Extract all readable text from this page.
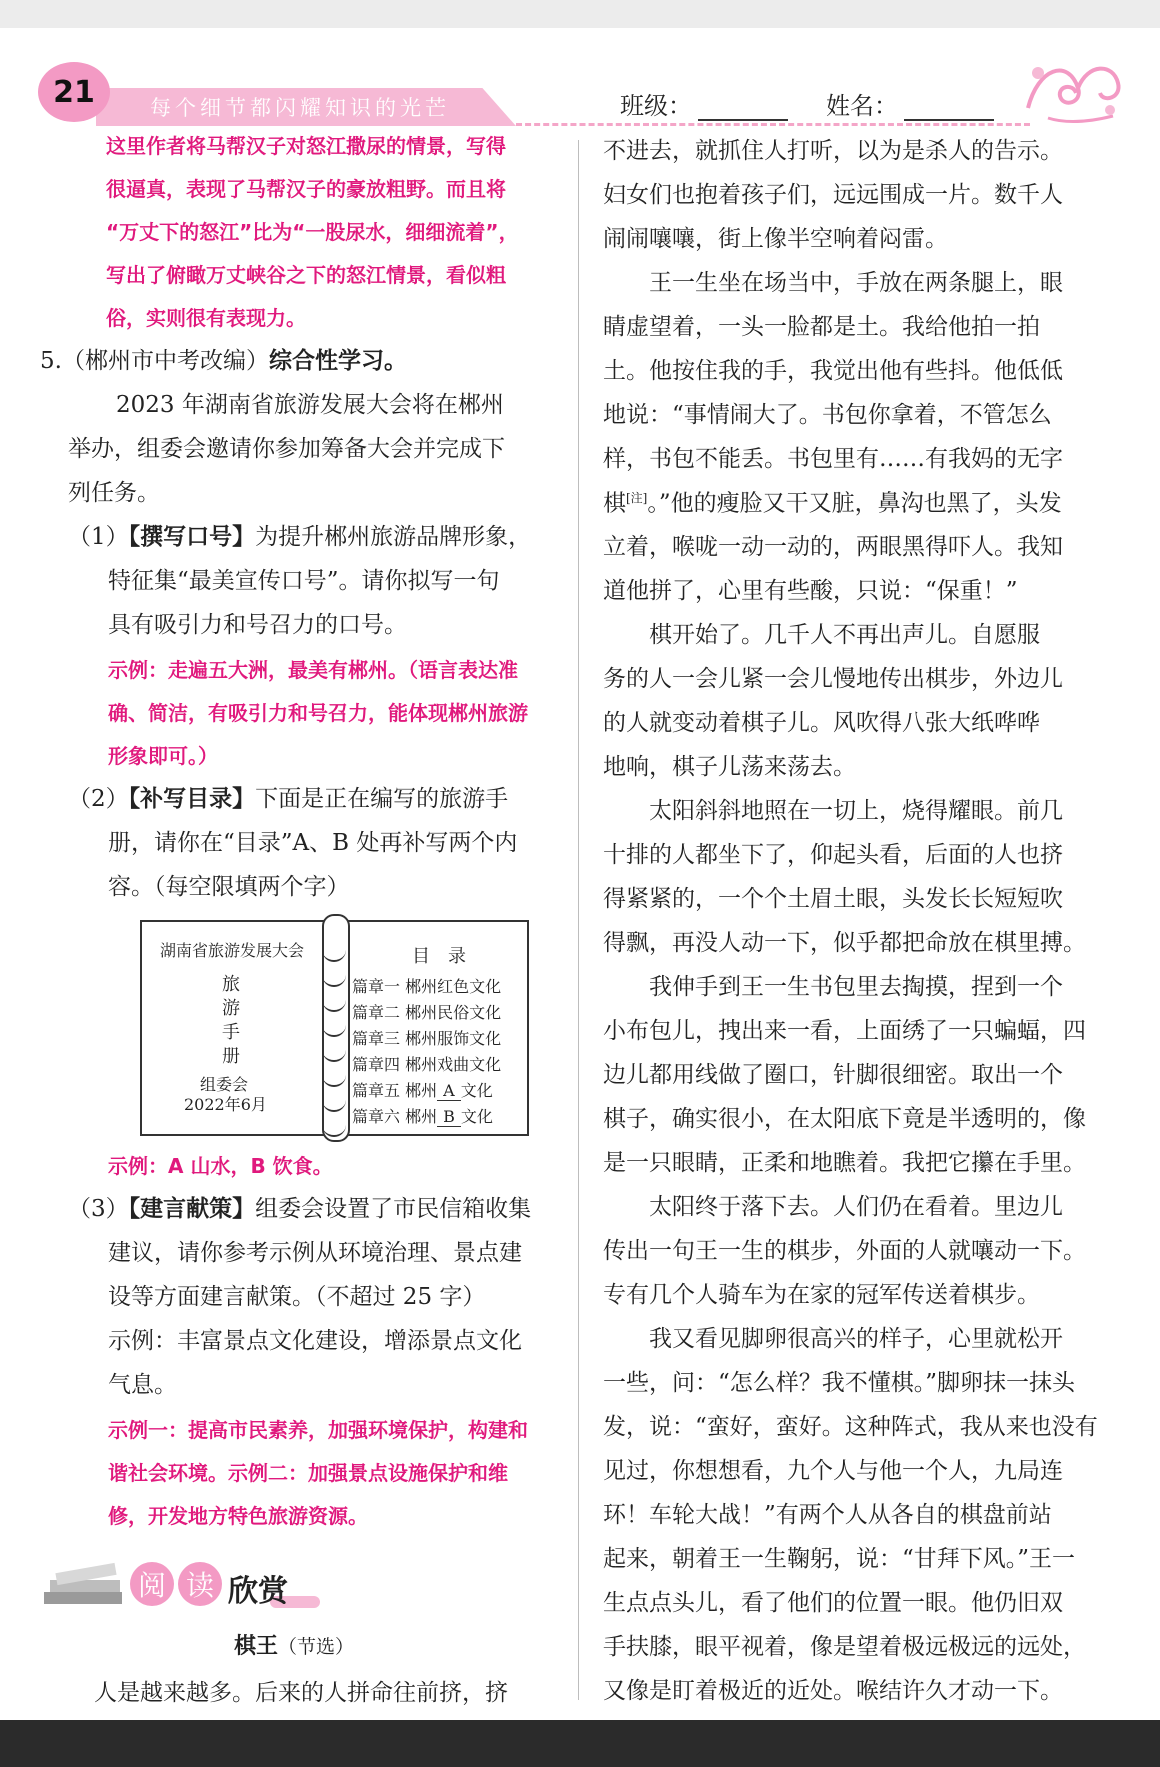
21	每个细节都闪耀知识的光芒	班级：	姓名：
这里作者将马帮汉子对怒江撒尿的情景，写得
很逼真，表现了马帮汉子的豪放粗野。而且将
“万丈下的怒江”比为“一股尿水，细细流着”，
写出了俯瞰万丈峡谷之下的怒江情景，看似粗
俗，实则很有表现力。
5.（郴州市中考改编）综合性学习。
2023 年湖南省旅游发展大会将在郴州
举办，组委会邀请你参加筹备大会并完成下
列任务。
（1）【撰写口号】为提升郴州旅游品牌形象，
特征集“最美宣传口号”。请你拟写一句
具有吸引力和号召力的口号。
示例：走遍五大洲，最美有郴州。（语言表达准
确、简洁，有吸引力和号召力，能体现郴州旅游
形象即可。）
（2）【补写目录】下面是正在编写的旅游手
册，请你在“目录”A、B 处再补写两个内
容。（每空限填两个字）
湖南省旅游发展大会
旅
游
手
册
组委会
2022年6月
目　录
篇章一 郴州红色文化
篇章二 郴州民俗文化
篇章三 郴州服饰文化
篇章四 郴州戏曲文化
篇章五 郴州 A 文化
篇章六 郴州 B 文化
示例：A 山水，B 饮食。
（3）【建言献策】组委会设置了市民信箱收集
建议，请你参考示例从环境治理、景点建
设等方面建言献策。（不超过 25 字）
示例：丰富景点文化建设，增添景点文化
气息。
示例一：提高市民素养，加强环境保护，构建和
谐社会环境。示例二：加强景点设施保护和维
修，开发地方特色旅游资源。
阅 读 欣赏
棋王（节选）
人是越来越多。后来的人拼命往前挤，挤
不进去，就抓住人打听，以为是杀人的告示。
妇女们也抱着孩子们，远远围成一片。数千人
闹闹嚷嚷，街上像半空响着闷雷。
　　王一生坐在场当中，手放在两条腿上，眼
睛虚望着，一头一脸都是土。我给他拍一拍
土。他按住我的手，我觉出他有些抖。他低低
地说：“事情闹大了。书包你拿着，不管怎么
样，书包不能丢。书包里有……有我妈的无字
棋[注]。”他的瘦脸又干又脏，鼻沟也黑了，头发
立着，喉咙一动一动的，两眼黑得吓人。我知
道他拼了，心里有些酸，只说：“保重！”
　　棋开始了。几千人不再出声儿。自愿服
务的人一会儿紧一会儿慢地传出棋步，外边儿
的人就变动着棋子儿。风吹得八张大纸哗哗
地响，棋子儿荡来荡去。
　　太阳斜斜地照在一切上，烧得耀眼。前几
十排的人都坐下了，仰起头看，后面的人也挤
得紧紧的，一个个土眉土眼，头发长长短短吹
得飘，再没人动一下，似乎都把命放在棋里搏。
　　我伸手到王一生书包里去掏摸，捏到一个
小布包儿，拽出来一看，上面绣了一只蝙蝠，四
边儿都用线做了圈口，针脚很细密。取出一个
棋子，确实很小，在太阳底下竟是半透明的，像
是一只眼睛，正柔和地瞧着。我把它攥在手里。
　　太阳终于落下去。人们仍在看着。里边儿
传出一句王一生的棋步，外面的人就嚷动一下。
专有几个人骑车为在家的冠军传送着棋步。
　　我又看见脚卵很高兴的样子，心里就松开
一些，问：“怎么样？我不懂棋。”脚卵抹一抹头
发，说：“蛮好，蛮好。这种阵式，我从来也没有
见过，你想想看，九个人与他一个人，九局连
环！车轮大战！”有两个人从各自的棋盘前站
起来，朝着王一生鞠躬，说：“甘拜下风。”王一
生点点头儿，看了他们的位置一眼。他仍旧双
手扶膝，眼平视着，像是望着极远极远的远处，
又像是盯着极近的近处。喉结许久才动一下。
